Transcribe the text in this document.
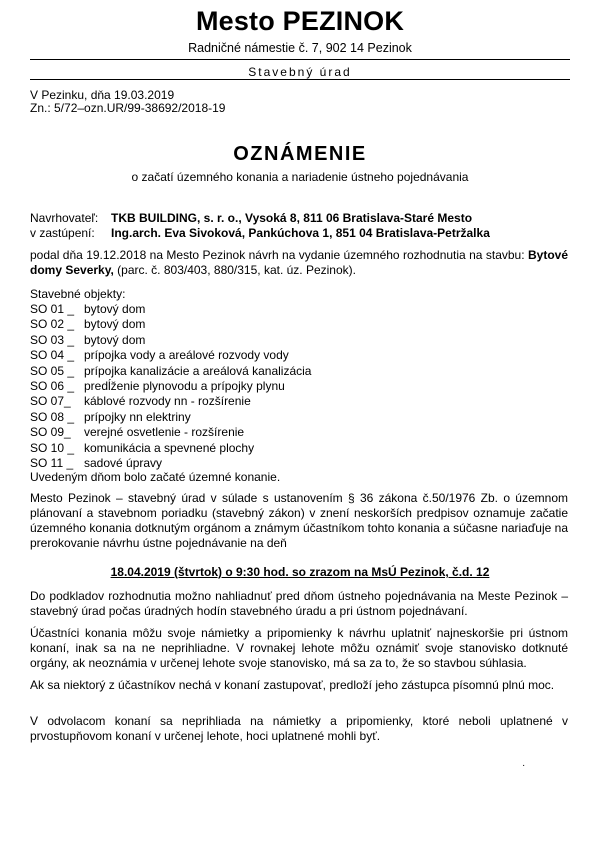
Mesto PEZINOK
Radničné námestie č. 7, 902 14 Pezinok
Stavebný úrad
V Pezinku, dňa 19.03.2019
Zn.: 5/72–ozn.UR/99-38692/2018-19
OZNÁMENIE
o začatí územného konania a nariadenie ústneho pojednávania
Navrhovateľ: TKB BUILDING, s. r. o., Vysoká 8, 811 06 Bratislava-Staré Mesto
v zastúpení: Ing.arch. Eva Sivoková, Pankúchova 1, 851 04 Bratislava-Petržalka
podal dňa 19.12.2018 na Mesto Pezinok návrh na vydanie územného rozhodnutia na stavbu: Bytové domy Severky, (parc. č. 803/403, 880/315, kat. úz. Pezinok).
Stavebné objekty:
SO 01 _ bytový dom
SO 02 _ bytový dom
SO 03 _ bytový dom
SO 04 _ prípojka vody a areálové rozvody vody
SO 05 _ prípojka kanalizácie a areálová kanalizácia
SO 06 _ predĺženie plynovodu a prípojky plynu
SO 07_ káblové rozvody nn - rozšírenie
SO 08 _ prípojky nn elektriny
SO 09_ verejné osvetlenie - rozšírenie
SO 10 _ komunikácia a spevnené plochy
SO 11 _ sadové úpravy
Uvedeným dňom bolo začaté územné konanie.
Mesto Pezinok – stavebný úrad v súlade s ustanovením § 36 zákona č.50/1976 Zb. o územnom plánovaní a stavebnom poriadku (stavebný zákon) v znení neskorších predpisov oznamuje začatie územného konania dotknutým orgánom a známym účastníkom tohto konania a súčasne nariaďuje na prerokovanie návrhu ústne pojednávanie na deň
18.04.2019 (štvrtok) o 9:30 hod. so zrazom na MsÚ Pezinok, č.d. 12
Do podkladov rozhodnutia možno nahliadnuť pred dňom ústneho pojednávania na Meste Pezinok – stavebný úrad počas úradných hodín stavebného úradu a pri ústnom pojednávaní.
Účastníci konania môžu svoje námietky a pripomienky k návrhu uplatniť najneskoršie pri ústnom konaní, inak sa na ne neprihliadne. V rovnakej lehote môžu oznámiť svoje stanovisko dotknuté orgány, ak neoznámia v určenej lehote svoje stanovisko, má sa za to, že so stavbou súhlasia.
Ak sa niektorý z účastníkov nechá v konaní zastupovať, predloží jeho zástupca písomnú plnú moc.
V odvolacom konaní sa neprihliada na námietky a pripomienky, ktoré neboli uplatnené v prvostupňovom konaní v určenej lehote, hoci uplatnené mohli byť.
·
